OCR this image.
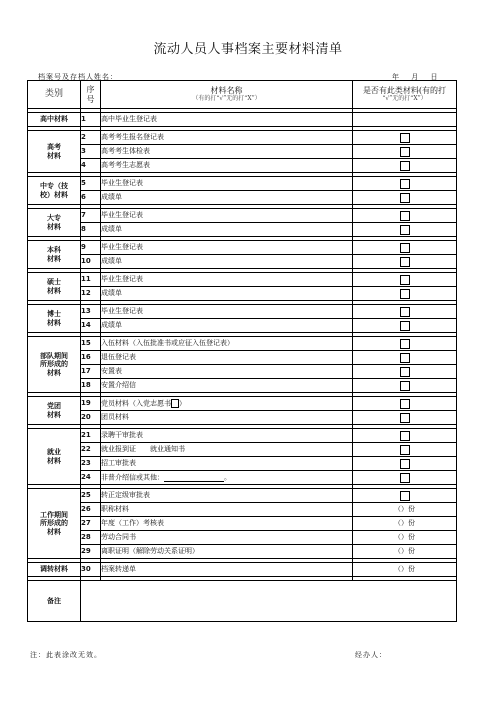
流动人员人事档案主要材料清单
档案号及存档人姓名：	年 月 日
类别	序
号	材料名称
（有的打“√”无的打“X”）	是否有此类材料(有的打
“√”无的打“X”）

高中材料	1	高中毕业生登记表	

高考
材料	2	高考考生报名登记表	
	3	高考考生体检表	
	4	高考考生志愿表	

中专（技
校）材料	5	毕业生登记表	
	6	成绩单	

大专
材料	7	毕业生登记表	
	8	成绩单	

本科
材料	9	毕业生登记表	
	10	成绩单	

硕士
材料	11	毕业生登记表	
	12	成绩单	

博士
材料	13	毕业生登记表	
	14	成绩单	

部队期间
所形成的
材料	15	入伍材料（入伍批准书或应征入伍登记表）	
	16	退伍登记表	
	17	安置表	
	18	安置介绍信	

党团
材料	19	党员材料（入党志愿书 ）	
	20	团员材料	

就业
材料	21	录聘干审批表	
	22	就业报到证　　就业通知书	
	23	招工审批表	
	24	非普介绍信或其他： 。	

工作期间
所形成的
材料	25	转正定级审批表	
	26	职称材料	（）份
	27	年度（工作）考核表	（）份
	28	劳动合同书	（）份
	29	离职证明（解除劳动关系证明）	（）份

调转材料	30	档案转递单	（）份

备注			
注：此表涂改无效。	经办人：
